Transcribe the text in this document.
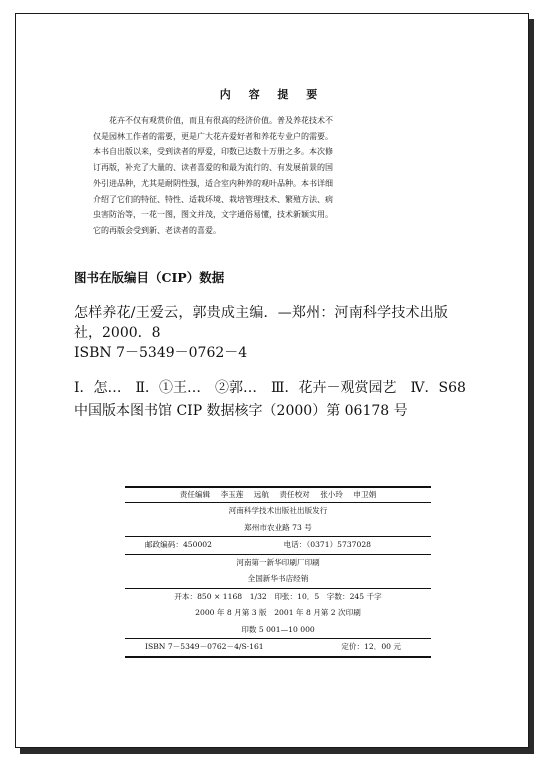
内 容 提 要
花卉不仅有观赏价值，而且有很高的经济价值。普及养花技术不
仅是园林工作者的需要，更是广大花卉爱好者和养花专业户的需要。
本书自出版以来，受到读者的厚爱，印数已达数十万册之多。本次修
订再版，补充了大量的、读者喜爱的和最为流行的、有发展前景的国
外引进品种，尤其是耐阴性强，适合室内种养的观叶品种。本书详细
介绍了它们的特征、特性、适栽环境、栽培管理技术、繁殖方法、病
虫害防治等，一花一图，图文并茂，文字通俗易懂，技术新颖实用。
它的再版会受到新、老读者的喜爱。
图书在版编目（CIP）数据
怎样养花/王爱云，郭贵成主编．—郑州：河南科学技术出版
社，2000．8
ISBN 7－5349－0762－4
Ⅰ．怎…　Ⅱ．①王…　②郭…　Ⅲ．花卉－观赏园艺　Ⅳ．S68
中国版本图书馆 CIP 数据核字（2000）第 06178 号
责任编辑 李玉莲 远航 责任校对 张小玲 申卫娟
河南科学技术出版社出版发行
郑州市农业路 73 号
邮政编码：450002	电话：（0371）5737028
河南第一新华印刷厂印刷
全国新华书店经销
开本：850 × 1168　1/32　印张：10．5　字数：245 千字
2000 年 8 月第 3 版　2001 年 8 月第 2 次印刷
印数 5 001—10 000
ISBN 7－5349－0762－4/S·161	定价：12．00 元
